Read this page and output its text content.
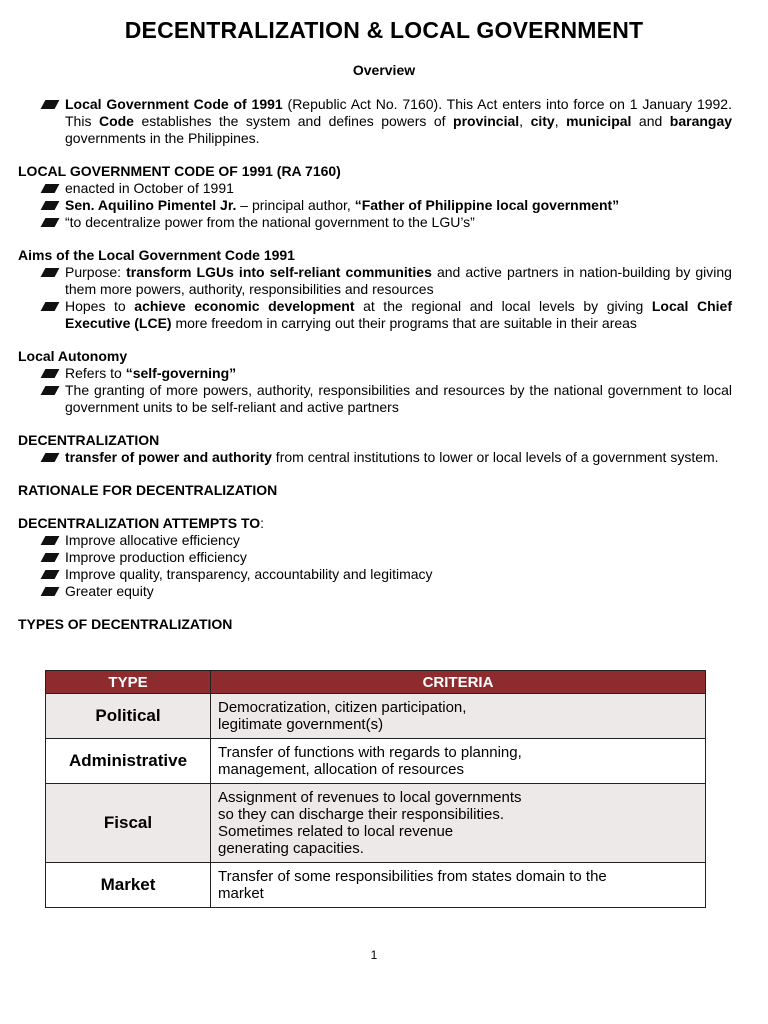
DECENTRALIZATION & LOCAL GOVERNMENT
Overview
Local Government Code of 1991 (Republic Act No. 7160). This Act enters into force on 1 January 1992. This Code establishes the system and defines powers of provincial, city, municipal and barangay governments in the Philippines.
LOCAL GOVERNMENT CODE OF 1991 (RA 7160)
enacted in October of 1991
Sen. Aquilino Pimentel Jr. – principal author, “Father of Philippine local government”
“to decentralize power from the national government to the LGU’s”
Aims of the Local Government Code 1991
Purpose: transform LGUs into self-reliant communities and active partners in nation-building by giving them more powers, authority, responsibilities and resources
Hopes to achieve economic development at the regional and local levels by giving Local Chief Executive (LCE) more freedom in carrying out their programs that are suitable in their areas
Local Autonomy
Refers to “self-governing”
The granting of more powers, authority, responsibilities and resources by the national government to local government units to be self-reliant and active partners
DECENTRALIZATION
transfer of power and authority from central institutions to lower or local levels of a government system.
RATIONALE FOR DECENTRALIZATION
DECENTRALIZATION ATTEMPTS TO:
Improve allocative efficiency
Improve production efficiency
Improve quality, transparency, accountability and legitimacy
Greater equity
TYPES OF DECENTRALIZATION
TYPE	CRITERIA
Political	Democratization, citizen participation,
legitimate government(s)

Administrative	Transfer of functions with regards to planning,
management, allocation of resources

Fiscal	Assignment of revenues to local governments
so they can discharge their responsibilities.
Sometimes related to local revenue
generating capacities.

Market	Transfer of some responsibilities from states domain to the
market
1
